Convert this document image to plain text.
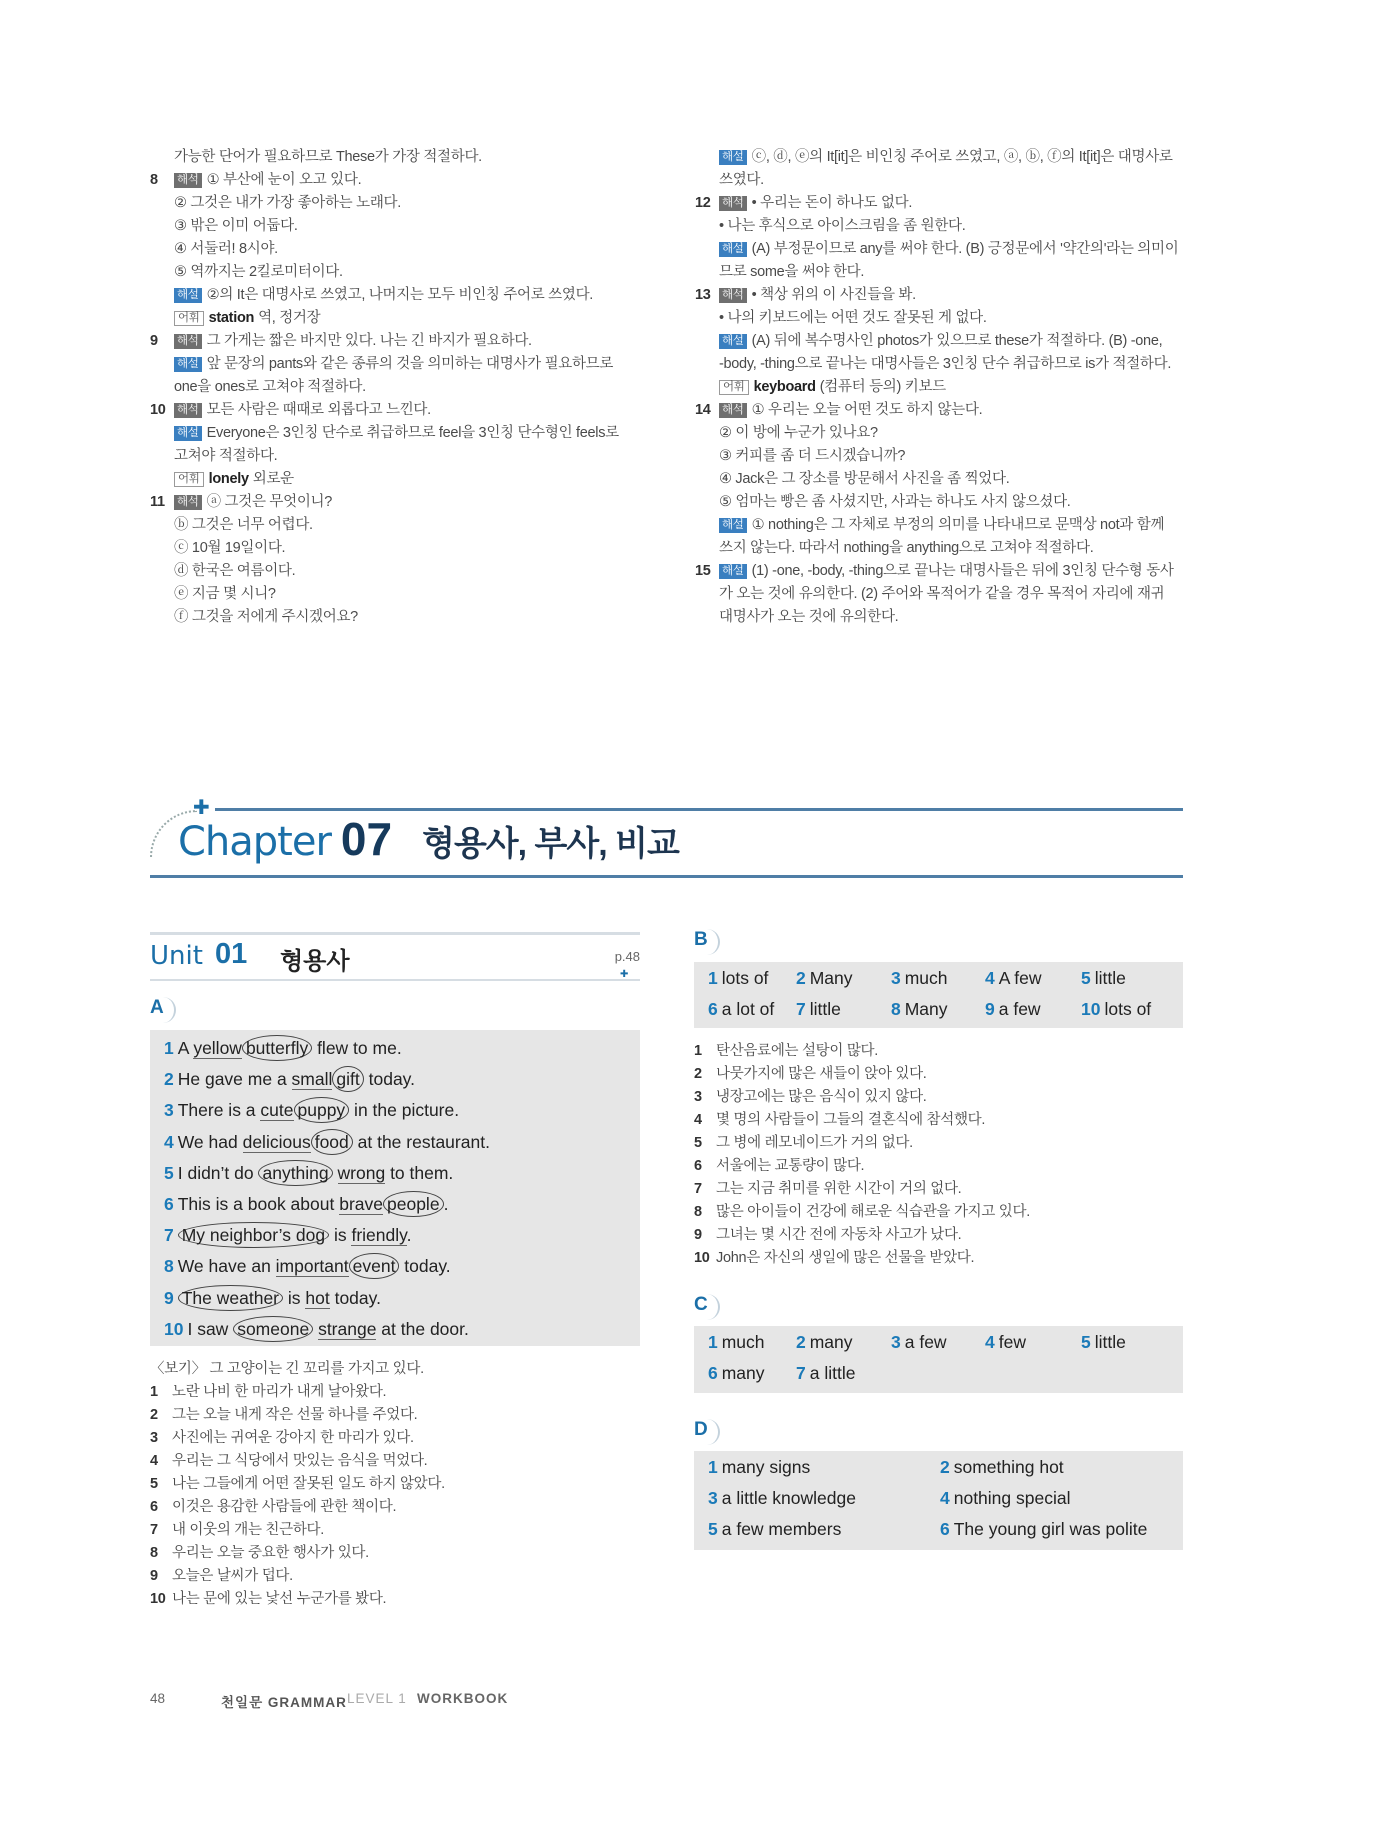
가능한 단어가 필요하므로 These가 가장 적절하다.
8 해석 ① 부산에 눈이 오고 있다.
② 그것은 내가 가장 좋아하는 노래다.
③ 밖은 이미 어둡다.
④ 서둘러! 8시야.
⑤ 역까지는 2킬로미터이다.
해설 ②의 It은 대명사로 쓰였고, 나머지는 모두 비인칭 주어로 쓰였다.
어휘 station 역, 정거장
9 해석 그 가게는 짧은 바지만 있다. 나는 긴 바지가 필요하다.
해설 앞 문장의 pants와 같은 종류의 것을 의미하는 대명사가 필요하므로
one을 ones로 고쳐야 적절하다.
10 해석 모든 사람은 때때로 외롭다고 느낀다.
해설 Everyone은 3인칭 단수로 취급하므로 feel을 3인칭 단수형인 feels로
고쳐야 적절하다.
어휘 lonely 외로운
11 해석 ⓐ 그것은 무엇이니?
ⓑ 그것은 너무 어렵다.
ⓒ 10월 19일이다.
ⓓ 한국은 여름이다.
ⓔ 지금 몇 시니?
ⓕ 그것을 저에게 주시겠어요?
해설 ⓒ, ⓓ, ⓔ의 It[it]은 비인칭 주어로 쓰였고, ⓐ, ⓑ, ⓕ의 It[it]은 대명사로
쓰였다.
12 해석 • 우리는 돈이 하나도 없다.
• 나는 후식으로 아이스크림을 좀 원한다.
해설 (A) 부정문이므로 any를 써야 한다. (B) 긍정문에서 '약간의'라는 의미이
므로 some을 써야 한다.
13 해석 • 책상 위의 이 사진들을 봐.
• 나의 키보드에는 어떤 것도 잘못된 게 없다.
해설 (A) 뒤에 복수명사인 photos가 있으므로 these가 적절하다. (B) -one,
-body, -thing으로 끝나는 대명사들은 3인칭 단수 취급하므로 is가 적절하다.
어휘 keyboard (컴퓨터 등의) 키보드
14 해석 ① 우리는 오늘 어떤 것도 하지 않는다.
② 이 방에 누군가 있나요?
③ 커피를 좀 더 드시겠습니까?
④ Jack은 그 장소를 방문해서 사진을 좀 찍었다.
⑤ 엄마는 빵은 좀 사셨지만, 사과는 하나도 사지 않으셨다.
해설 ① nothing은 그 자체로 부정의 의미를 나타내므로 문맥상 not과 함께
쓰지 않는다. 따라서 nothing을 anything으로 고쳐야 적절하다.
15 해설 (1) -one, -body, -thing으로 끝나는 대명사들은 뒤에 3인칭 단수형 동사
가 오는 것에 유의한다. (2) 주어와 목적어가 같을 경우 목적어 자리에 재귀
대명사가 오는 것에 유의한다.
✚
Chapter 07 형용사, 부사, 비교
Unit 01 형용사	p.48
✚
A
1 A yellow butterfly flew to me.
2 He gave me a small gift today.
3 There is a cute puppy in the picture.
4 We had delicious food at the restaurant.
5 I didn’t do anything wrong to them.
6 This is a book about brave people .
7 My neighbor’s dog is friendly.
8 We have an important event today.
9 The weather is hot today.
10 I saw someone strange at the door.
〈보기〉 그 고양이는 긴 꼬리를 가지고 있다.
1 노란 나비 한 마리가 내게 날아왔다.
2 그는 오늘 내게 작은 선물 하나를 주었다.
3 사진에는 귀여운 강아지 한 마리가 있다.
4 우리는 그 식당에서 맛있는 음식을 먹었다.
5 나는 그들에게 어떤 잘못된 일도 하지 않았다.
6 이것은 용감한 사람들에 관한 책이다.
7 내 이웃의 개는 친근하다.
8 우리는 오늘 중요한 행사가 있다.
9 오늘은 날씨가 덥다.
10 나는 문에 있는 낯선 누군가를 봤다.
B
1 lots of 2 Many 3 much 4 A few 5 little
6 a lot of 7 little	8 Many 9 a few 10 lots of
1 탄산음료에는 설탕이 많다.
2 나뭇가지에 많은 새들이 앉아 있다.
3 냉장고에는 많은 음식이 있지 않다.
4 몇 명의 사람들이 그들의 결혼식에 참석했다.
5 그 병에 레모네이드가 거의 없다.
6 서울에는 교통량이 많다.
7 그는 지금 취미를 위한 시간이 거의 없다.
8 많은 아이들이 건강에 해로운 식습관을 가지고 있다.
9 그녀는 몇 시간 전에 자동차 사고가 났다.
10 John은 자신의 생일에 많은 선물을 받았다.
C
1 much 2 many 3 a few 4 few	5 little
6 many 7 a little
D
1 many signs	2 something hot
3 a little knowledge	4 nothing special
5 a few members	6 The young girl was polite
48	천일문 GRAMMAR LEVEL 1 WORKBOOK
